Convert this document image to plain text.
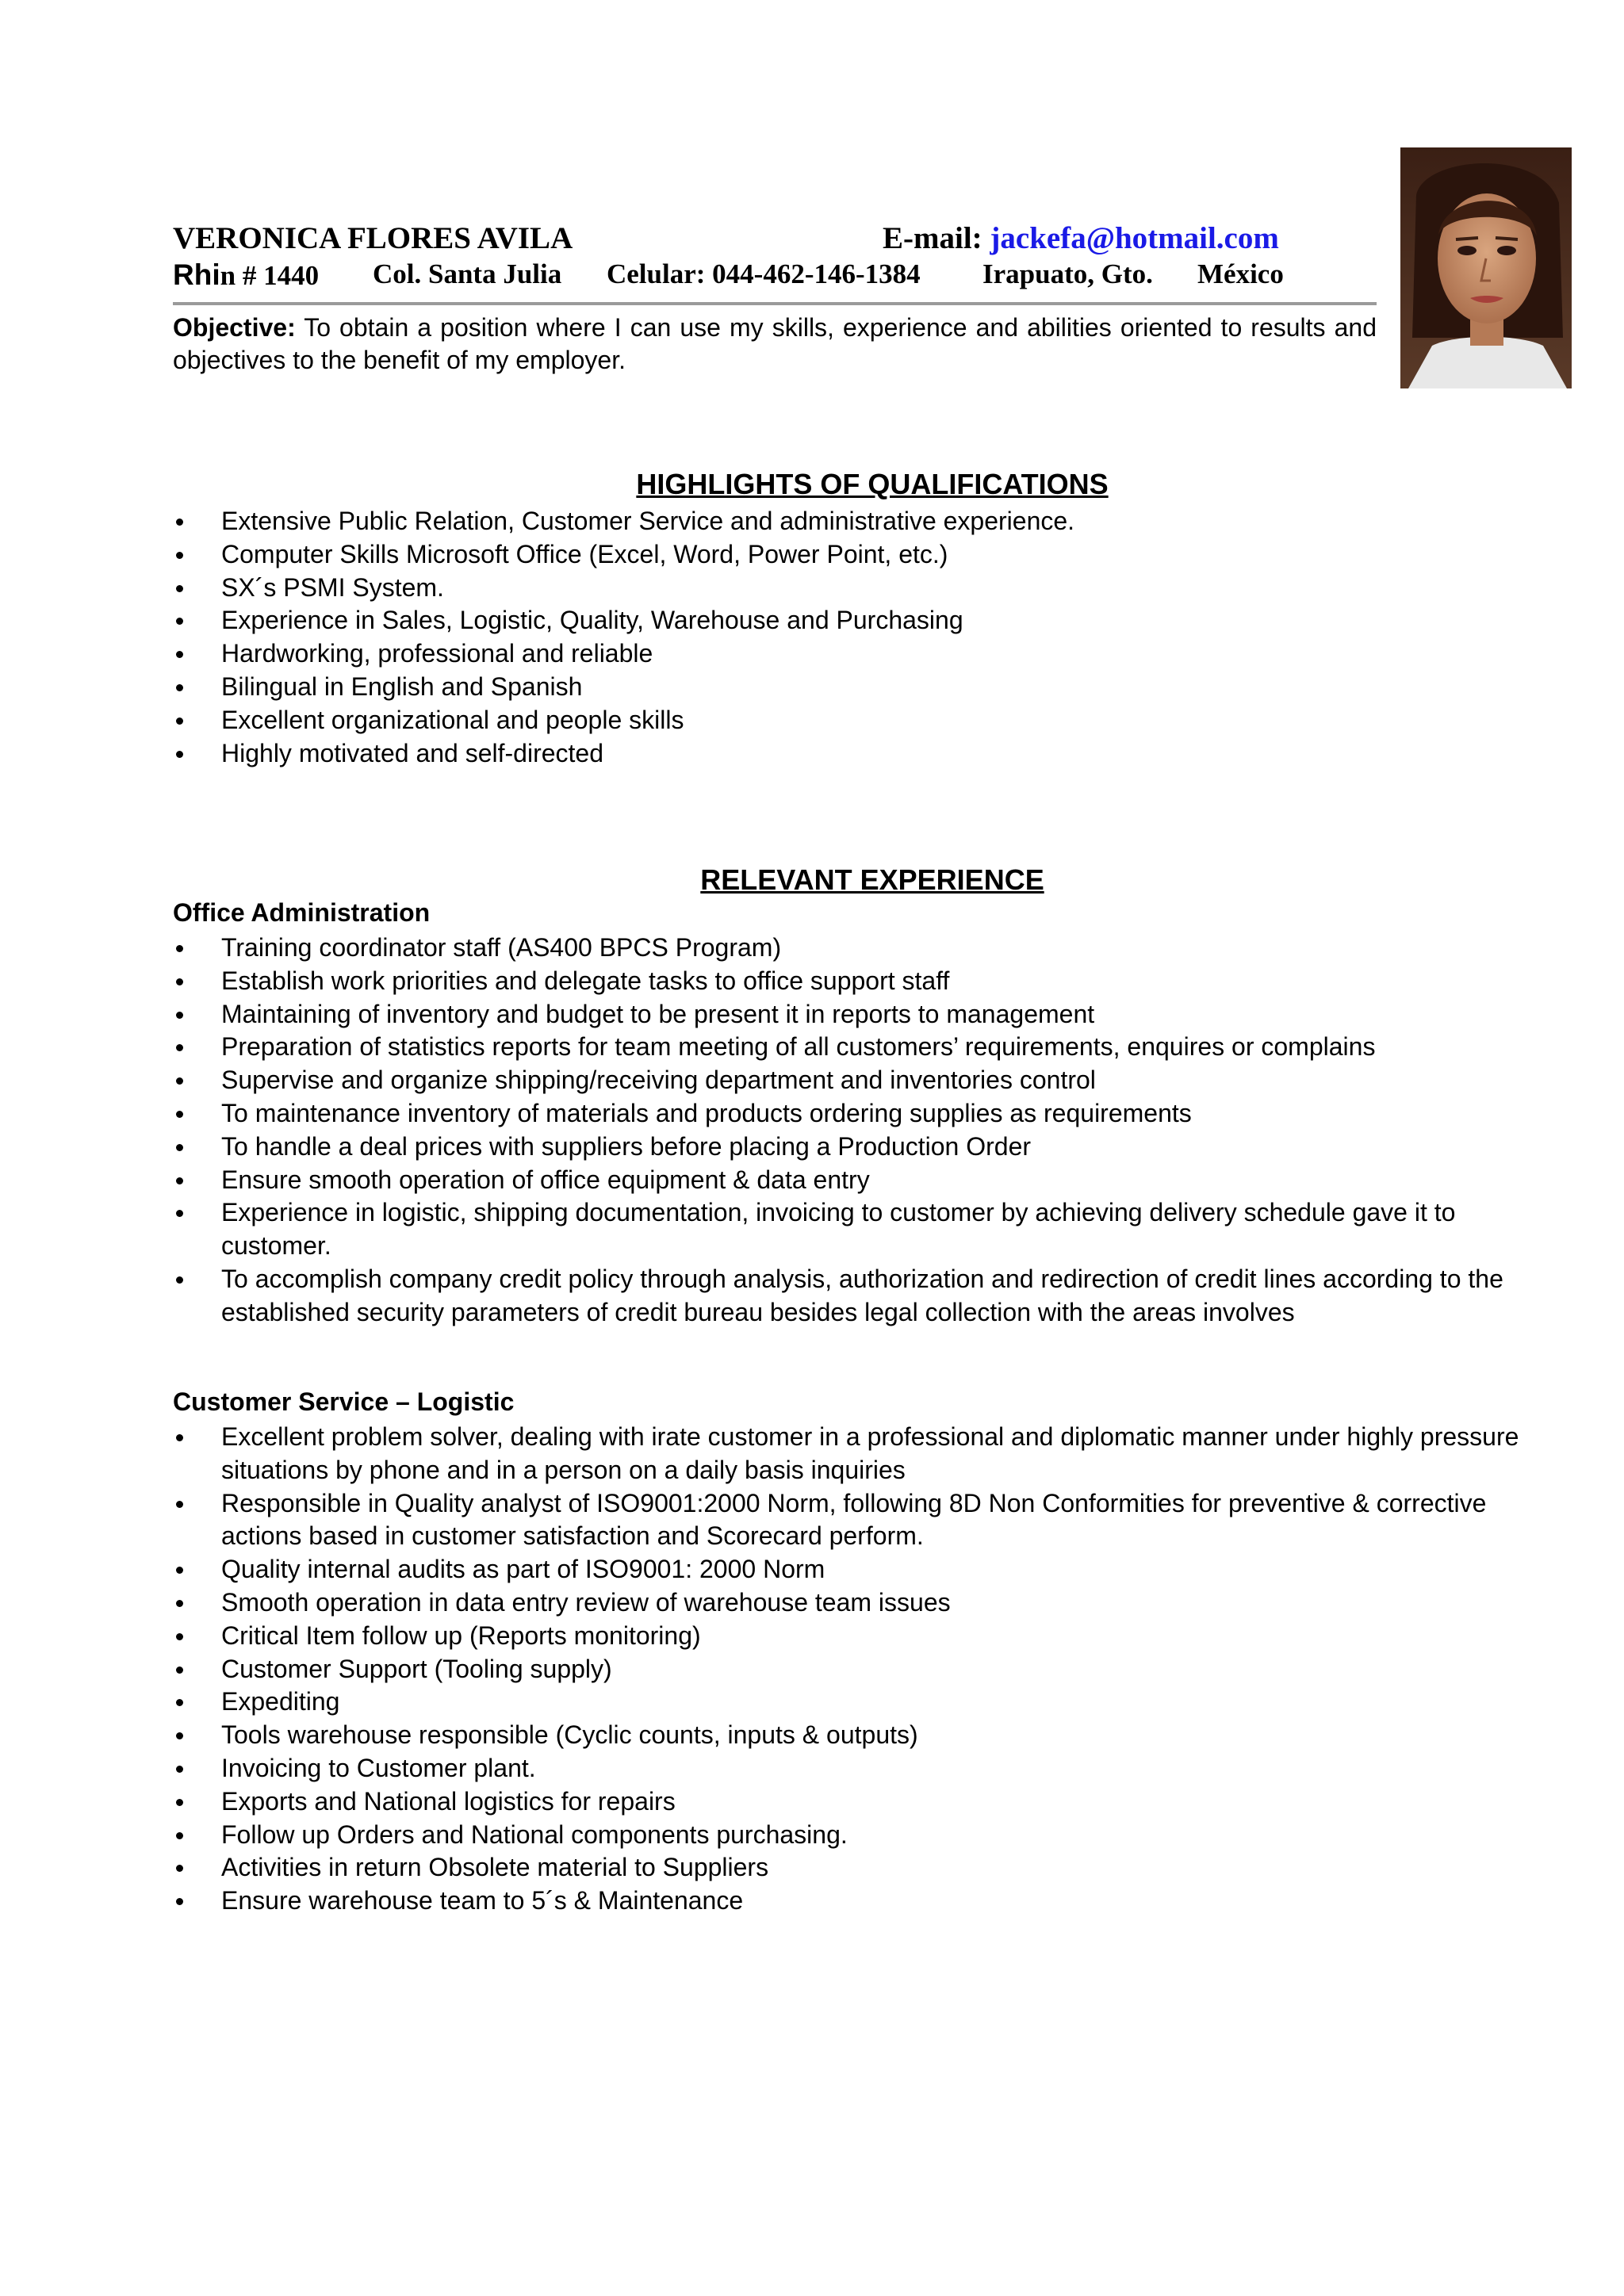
VERONICA FLORES AVILA	E-mail: jackefa@hotmail.com
Rhin # 1440 Col. Santa Julia Celular: 044-462-146-1384 Irapuato, Gto. México
Objective: To obtain a position where I can use my skills, experience and abilities oriented to results and objectives to the benefit of my employer.
HIGHLIGHTS OF QUALIFICATIONS
Extensive Public Relation, Customer Service and administrative experience.
Computer Skills Microsoft Office (Excel, Word, Power Point, etc.)
SX´s PSMI System.
Experience in Sales, Logistic, Quality, Warehouse and Purchasing
Hardworking, professional and reliable
Bilingual in English and Spanish
Excellent organizational and people skills
Highly motivated and self-directed
RELEVANT EXPERIENCE
Office Administration
Training coordinator staff (AS400 BPCS Program)
Establish work priorities and delegate tasks to office support staff
Maintaining of inventory and budget to be present it in reports to management
Preparation of statistics reports for team meeting of all customers’ requirements, enquires or complains
Supervise and organize shipping/receiving department and inventories control
To maintenance inventory of materials and products ordering supplies as requirements
To handle a deal prices with suppliers before placing a Production Order
Ensure smooth operation of office equipment & data entry
Experience in logistic, shipping documentation, invoicing to customer by achieving delivery schedule gave it to customer.
To accomplish company credit policy through analysis, authorization and redirection of credit lines according to the established security parameters of credit bureau besides legal collection with the areas involves
Customer Service – Logistic
Excellent problem solver, dealing with irate customer in a professional and diplomatic manner under highly pressure situations by phone and in a person on a daily basis inquiries
Responsible in Quality analyst of ISO9001:2000 Norm, following 8D Non Conformities for preventive & corrective actions based in customer satisfaction and Scorecard perform.
Quality internal audits as part of ISO9001: 2000 Norm
Smooth operation in data entry review of warehouse team issues
Critical Item follow up (Reports monitoring)
Customer Support (Tooling supply)
Expediting
Tools warehouse responsible (Cyclic counts, inputs & outputs)
Invoicing to Customer plant.
Exports and National logistics for repairs
Follow up Orders and National components purchasing.
Activities in return Obsolete material to Suppliers
Ensure warehouse team to 5´s & Maintenance
